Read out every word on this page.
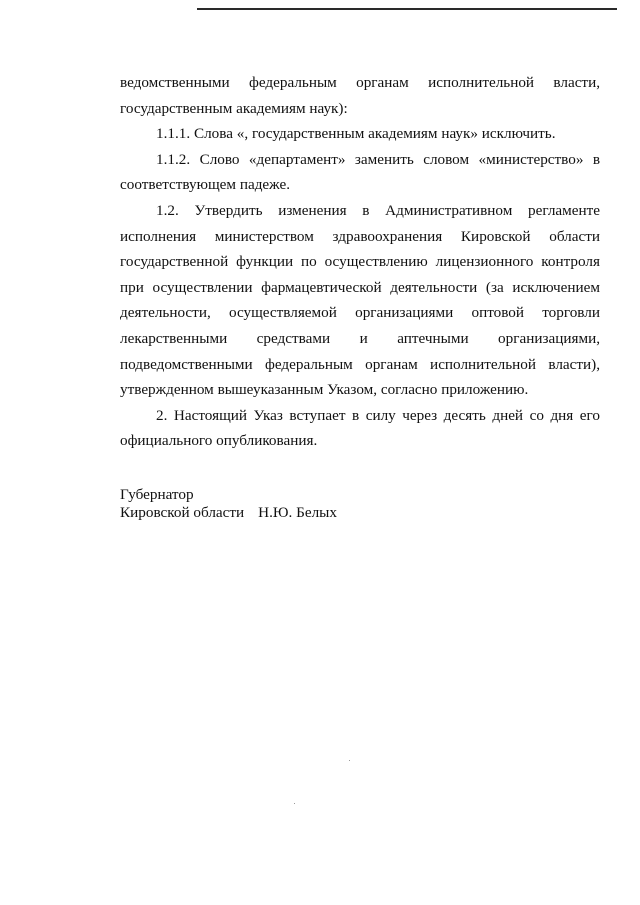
ведомственными федеральным органам исполнительной власти, государственным академиям наук):

1.1.1. Слова «, государственным академиям наук» исключить.

1.1.2. Слово «департамент» заменить словом «министерство» в соответствующем падеже.

1.2. Утвердить изменения в Административном регламенте исполнения министерством здравоохранения Кировской области государственной функции по осуществлению лицензионного контроля при осуществлении фармацевтической деятельности (за исключением деятельности, осуществляемой организациями оптовой торговли лекарственными средствами и аптечными организациями, подведомственными федеральным органам исполнительной власти), утвержденном вышеуказанным Указом, согласно приложению.

2. Настоящий Указ вступает в силу через десять дней со дня его официального опубликования.

Губернатор
Кировской области Н.Ю. Белых
